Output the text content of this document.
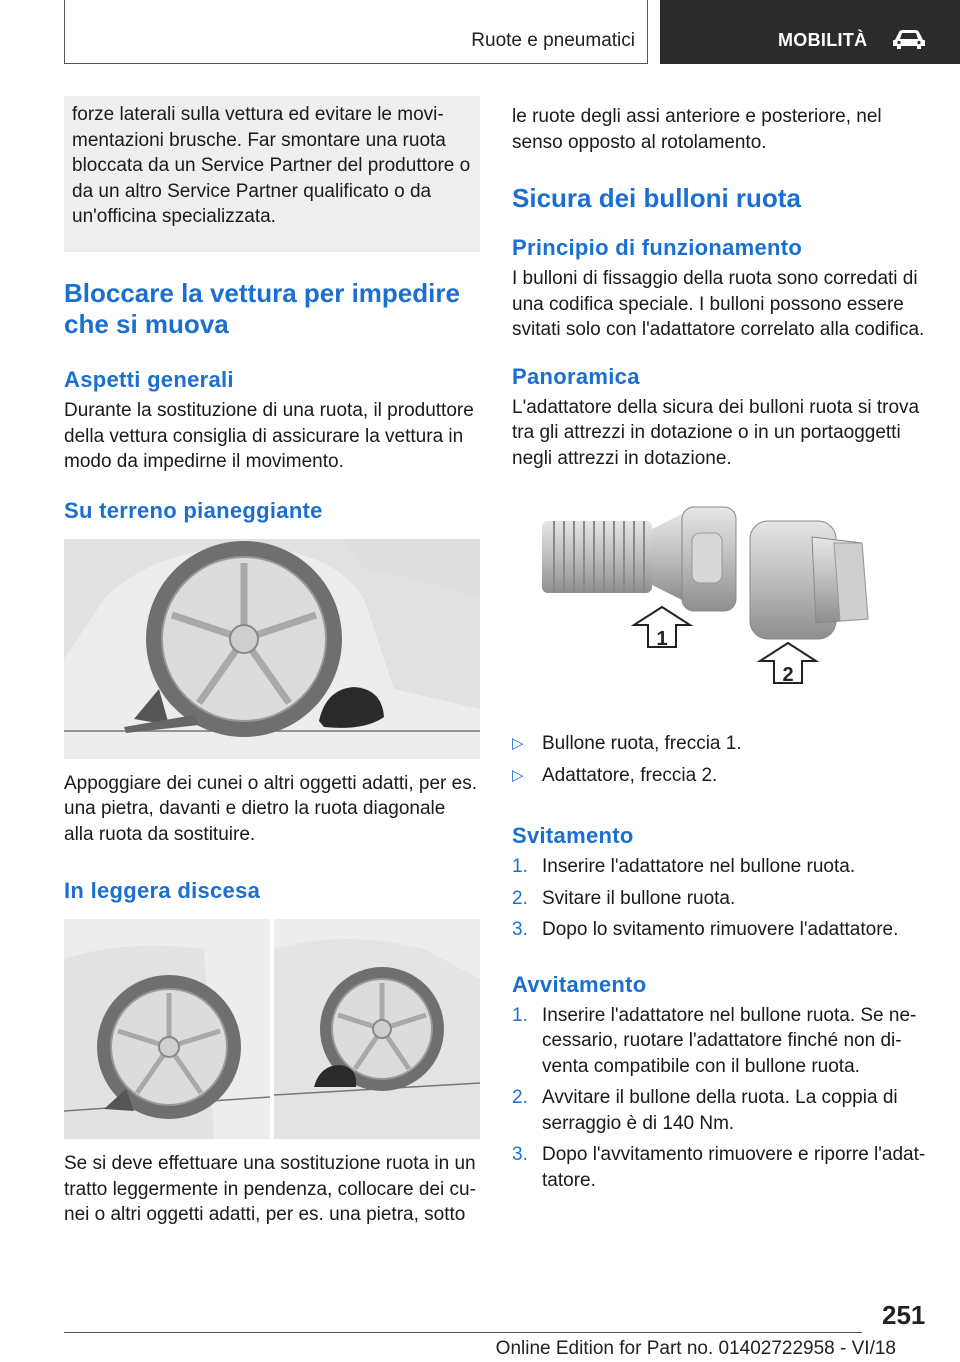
Ruote e pneumatici	MOBILITÀ
forze laterali sulla vettura ed evitare le movimentazioni brusche. Far smontare una ruota bloccata da un Service Partner del produttore o da un altro Service Partner qualificato o da un'officina specializzata.
Bloccare la vettura per impedire che si muova
Aspetti generali

Durante la sostituzione di una ruota, il produttore della vettura consiglia di assicurare la vettura in modo da impedirne il movimento.

Su terreno pianeggiante

Appoggiare dei cunei o altri oggetti adatti, per es. una pietra, davanti e dietro la ruota diagonale alla ruota da sostituire.

In leggera discesa

Se si deve effettuare una sostituzione ruota in un tratto leggermente in pendenza, collocare dei cunei o altri oggetti adatti, per es. una pietra, sotto

le ruote degli assi anteriore e posteriore, nel senso opposto al rotolamento.

Sicura dei bulloni ruota
Principio di funzionamento

I bulloni di fissaggio della ruota sono corredati di una codifica speciale. I bulloni possono essere svitati solo con l'adattatore correlato alla codifica.

Panoramica

L'adattatore della sicura dei bulloni ruota si trova tra gli attrezzi in dotazione o in un portaoggetti negli attrezzi in dotazione.

1
2
▷ Bullone ruota, freccia 1.
▷ Adattatore, freccia 2.
Svitamento
1. Inserire l'adattatore nel bullone ruota.
2. Svitare il bullone ruota.
3. Dopo lo svitamento rimuovere l'adattatore.
Avvitamento
1. Inserire l'adattatore nel bullone ruota. Se necessario, ruotare l'adattatore finché non diventa compatibile con il bullone ruota.
2. Avvitare il bullone della ruota. La coppia di serraggio è di 140 Nm.
3. Dopo l'avvitamento rimuovere e riporre l'adattatore.
251
Online Edition for Part no. 01402722958 - VI/18
